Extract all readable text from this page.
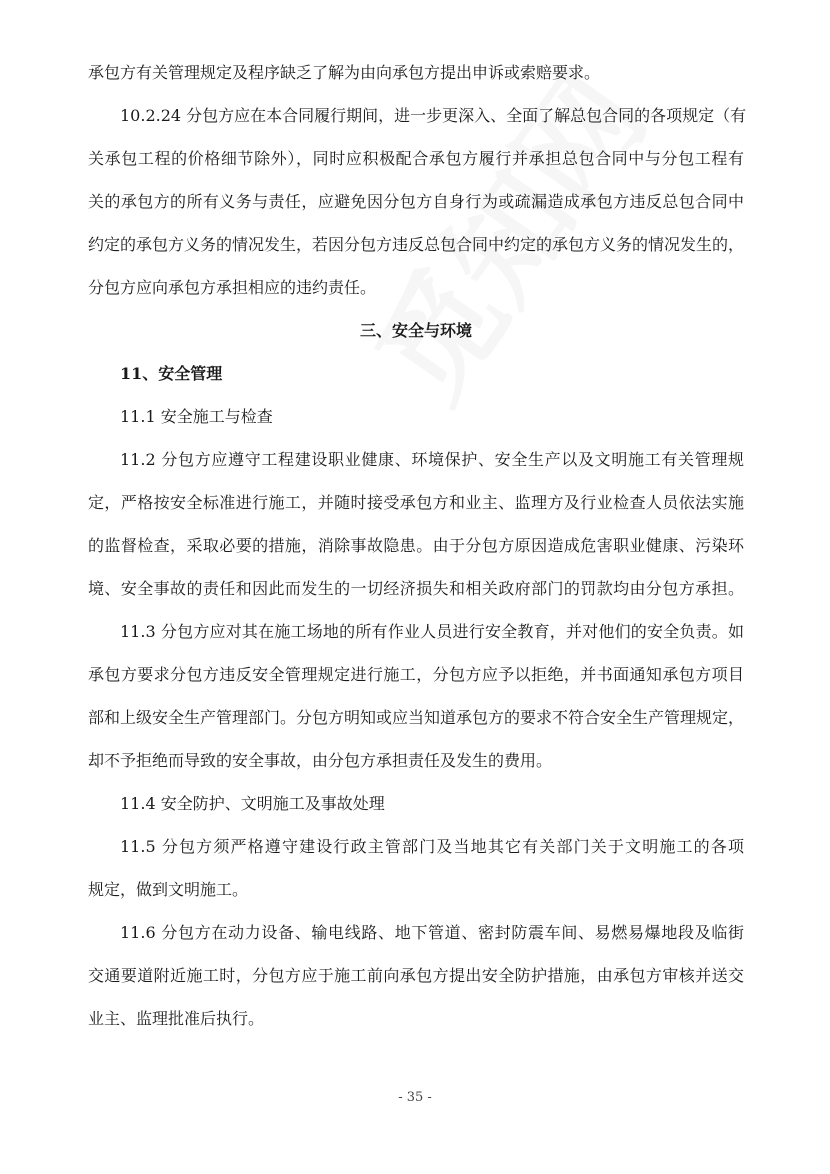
承包方有关管理规定及程序缺乏了解为由向承包方提出申诉或索赔要求。
10.2.24 分包方应在本合同履行期间，进一步更深入、全面了解总包合同的各项规定（有
关承包工程的价格细节除外），同时应积极配合承包方履行并承担总包合同中与分包工程有
关的承包方的所有义务与责任，应避免因分包方自身行为或疏漏造成承包方违反总包合同中
约定的承包方义务的情况发生，若因分包方违反总包合同中约定的承包方义务的情况发生的，
分包方应向承包方承担相应的违约责任。
三、安全与环境
11、安全管理
11.1 安全施工与检查
11.2 分包方应遵守工程建设职业健康、环境保护、安全生产以及文明施工有关管理规
定，严格按安全标准进行施工，并随时接受承包方和业主、监理方及行业检查人员依法实施
的监督检查，采取必要的措施，消除事故隐患。由于分包方原因造成危害职业健康、污染环
境、安全事故的责任和因此而发生的一切经济损失和相关政府部门的罚款均由分包方承担。
11.3 分包方应对其在施工场地的所有作业人员进行安全教育，并对他们的安全负责。如
承包方要求分包方违反安全管理规定进行施工，分包方应予以拒绝，并书面通知承包方项目
部和上级安全生产管理部门。分包方明知或应当知道承包方的要求不符合安全生产管理规定，
却不予拒绝而导致的安全事故，由分包方承担责任及发生的费用。
11.4 安全防护、文明施工及事故处理
11.5 分包方须严格遵守建设行政主管部门及当地其它有关部门关于文明施工的各项
规定，做到文明施工。
11.6 分包方在动力设备、输电线路、地下管道、密封防震车间、易燃易爆地段及临街
交通要道附近施工时，分包方应于施工前向承包方提出安全防护措施，由承包方审核并送交
业主、监理批准后执行。
- 35 -
